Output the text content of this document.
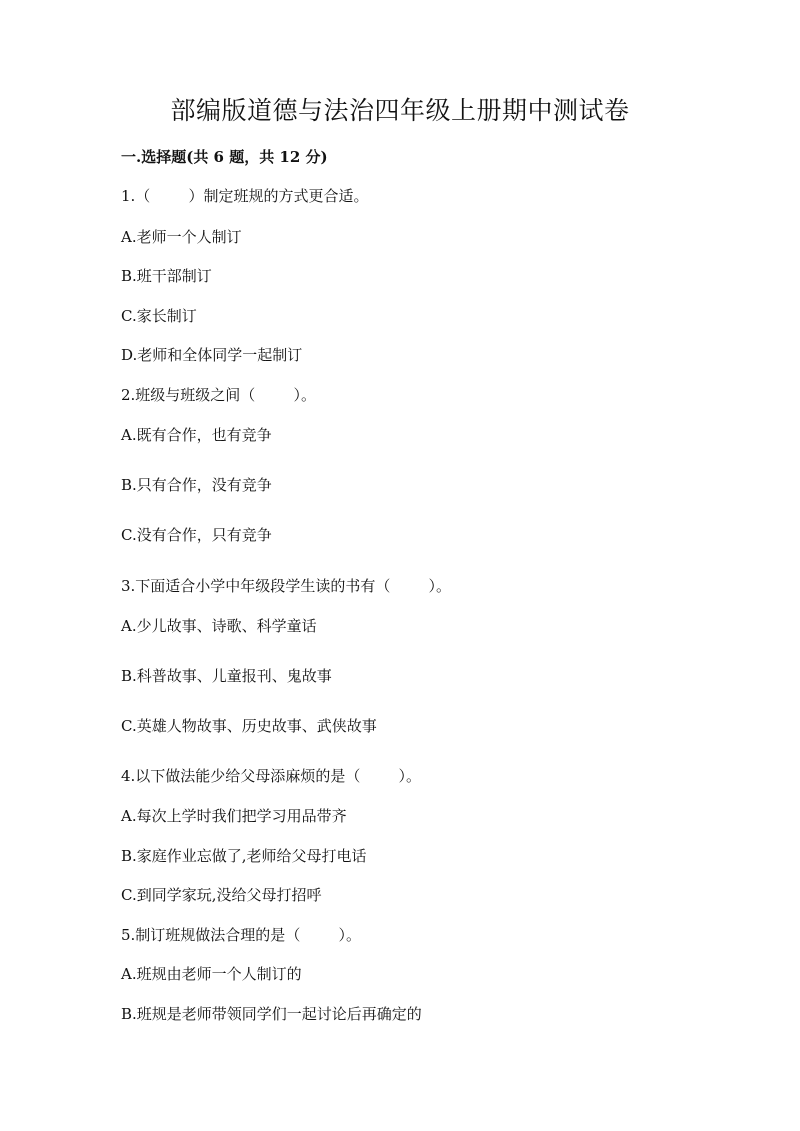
部编版道德与法治四年级上册期中测试卷
一.选择题(共 6 题，共 12 分)
1.（        ）制定班规的方式更合适。
A.老师一个人制订
B.班干部制订
C.家长制订
D.老师和全体同学一起制订
2.班级与班级之间（        ）。
A.既有合作，也有竞争
B.只有合作，没有竞争
C.没有合作，只有竞争
3.下面适合小学中年级段学生读的书有（        ）。
A.少儿故事、诗歌、科学童话
B.科普故事、儿童报刊、鬼故事
C.英雄人物故事、历史故事、武侠故事
4.以下做法能少给父母添麻烦的是（        ）。
A.每次上学时我们把学习用品带齐
B.家庭作业忘做了,老师给父母打电话
C.到同学家玩,没给父母打招呼
5.制订班规做法合理的是（        ）。
A.班规由老师一个人制订的
B.班规是老师带领同学们一起讨论后再确定的
